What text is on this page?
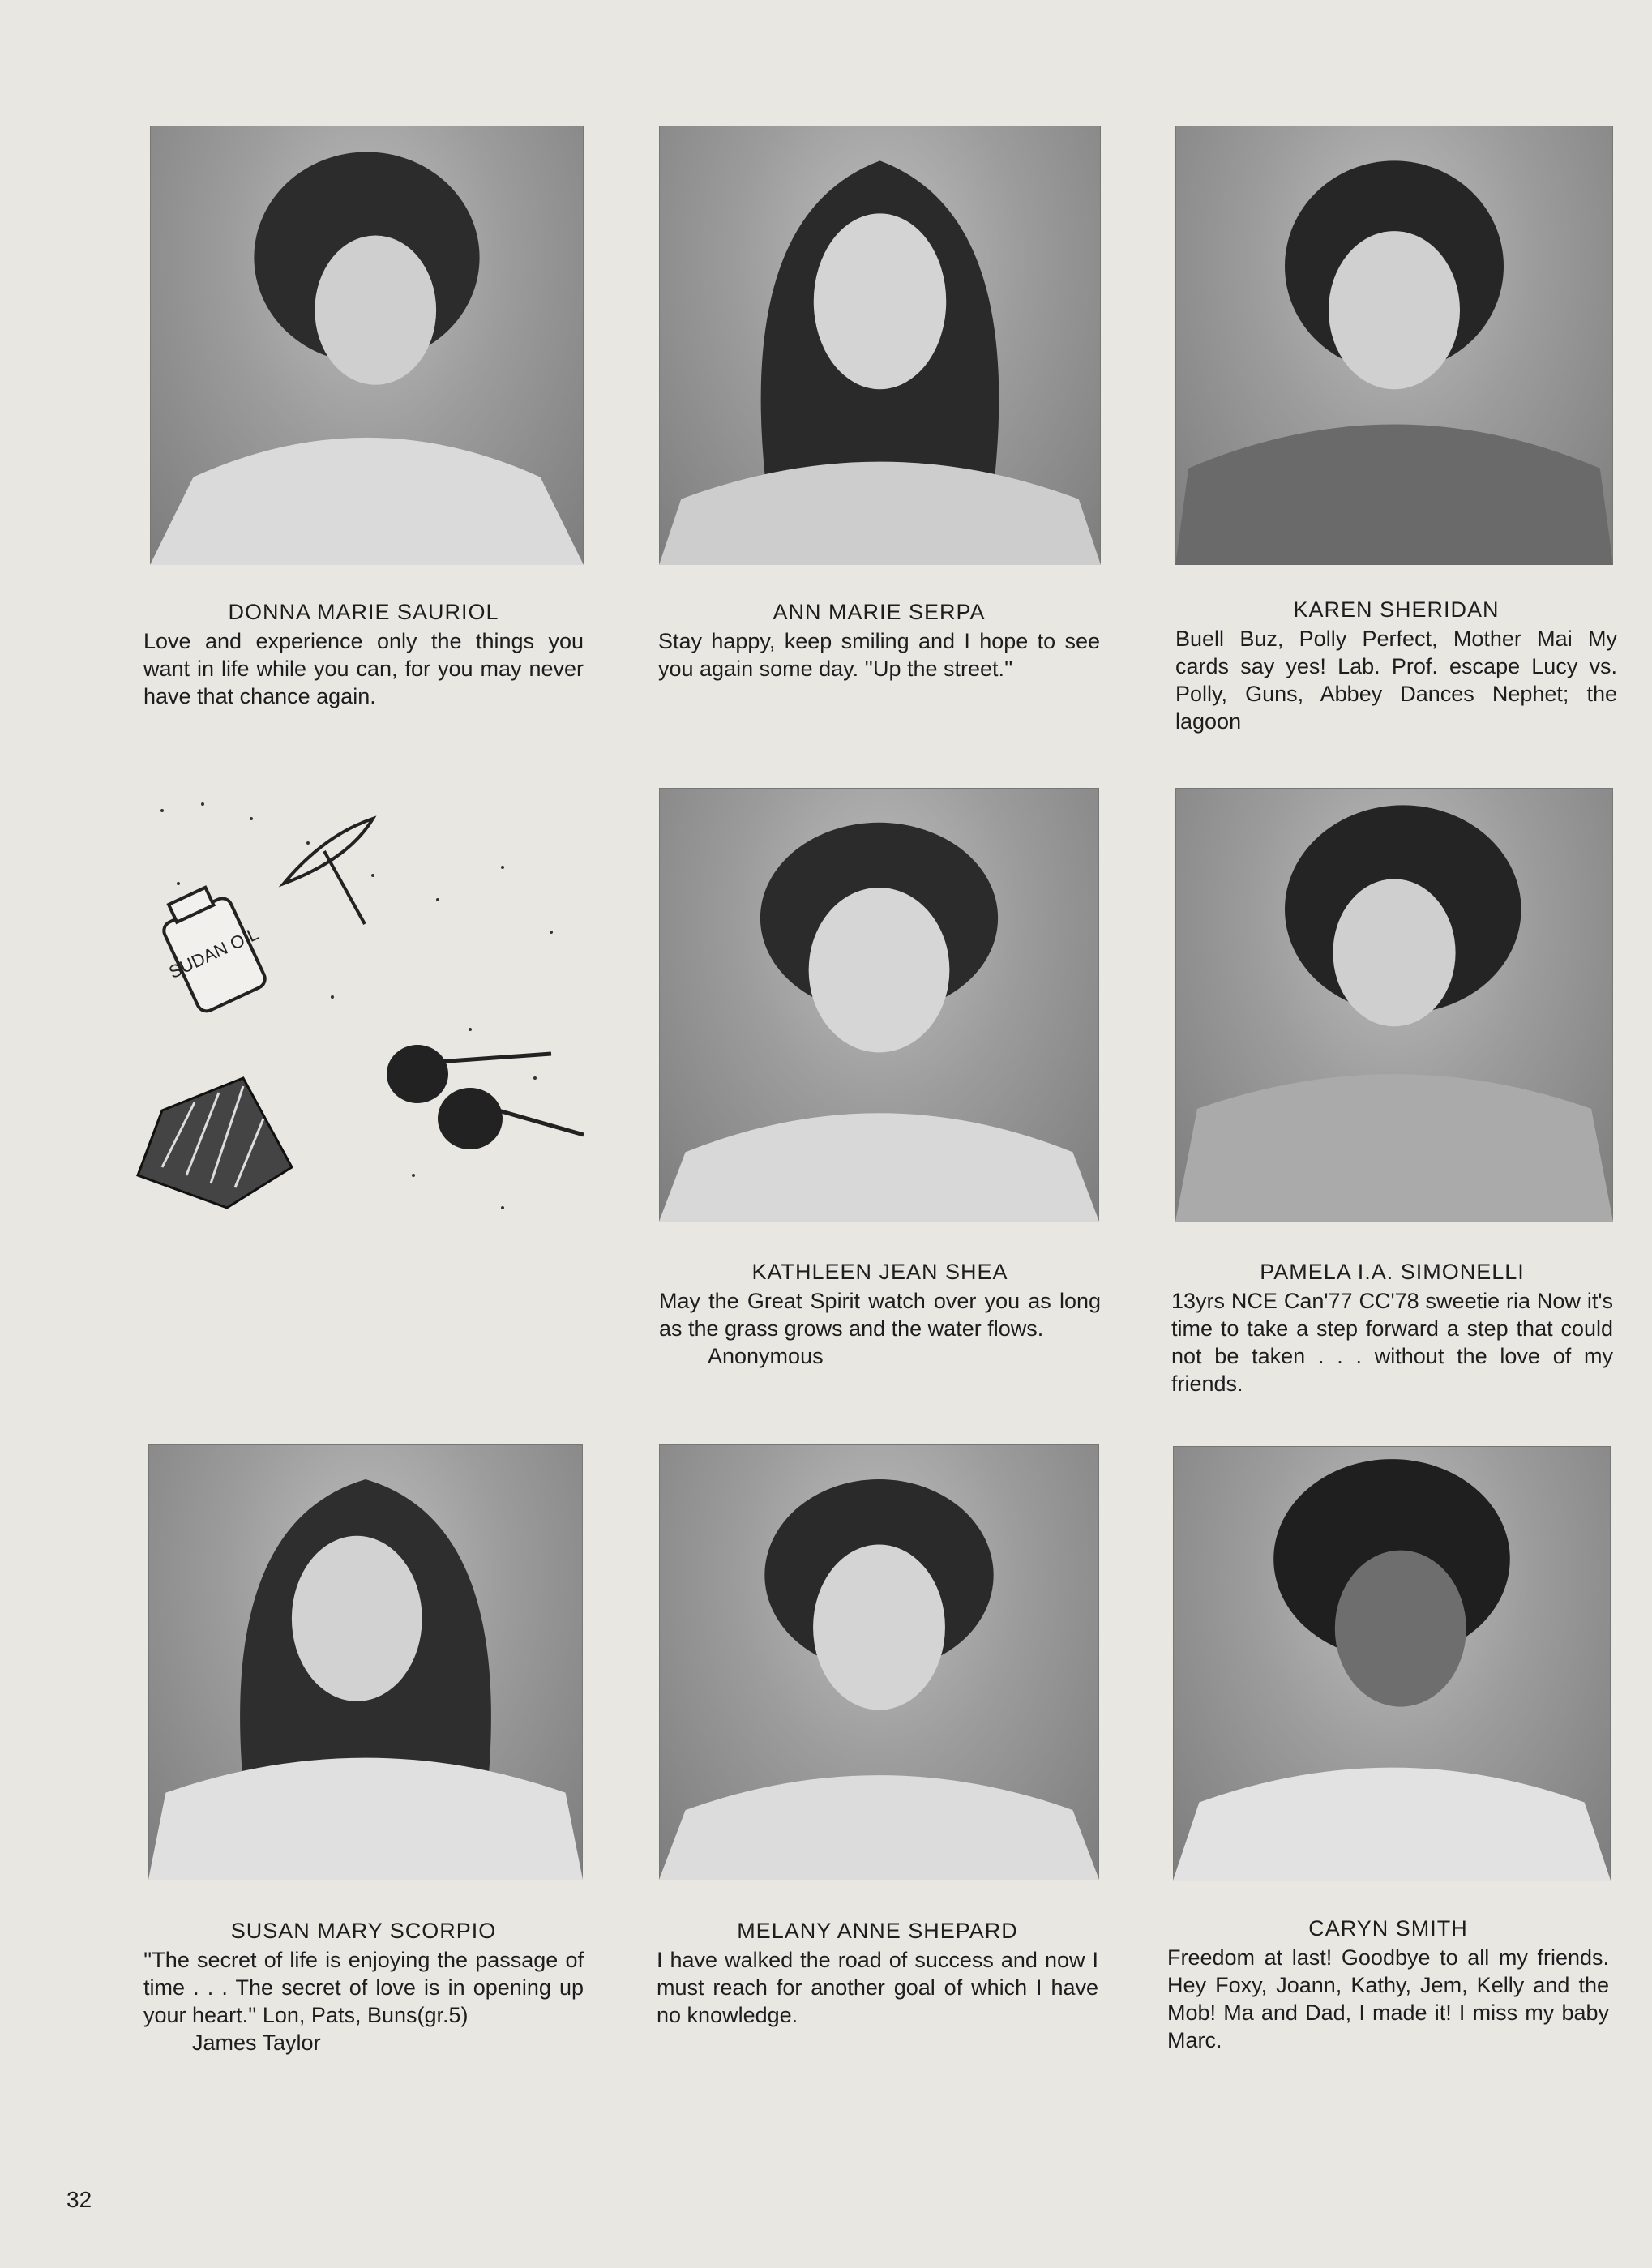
DONNA MARIE SAURIOL
Love and experience only the things you want in life while you can, for you may never have that chance again.
ANN MARIE SERPA
Stay happy, keep smiling and I hope to see you again some day. ''Up the street.''
KAREN SHERIDAN
Buell Buz, Polly Perfect, Mother Mai My cards say yes! Lab. Prof. escape Lucy vs. Polly, Guns, Abbey Dances Nephet; the lagoon
SUDAN OIL
KATHLEEN JEAN SHEA
May the Great Spirit watch over you as long as the grass grows and the water flows.
Anonymous
PAMELA I.A. SIMONELLI
13yrs NCE Can'77 CC'78 sweetie ria Now it's time to take a step forward a step that could not be taken . . . without the love of my friends.
SUSAN MARY SCORPIO
''The secret of life is enjoying the passage of time . . . The secret of love is in opening up your heart.'' Lon, Pats, Buns(gr.5)
James Taylor
MELANY ANNE SHEPARD
I have walked the road of success and now I must reach for another goal of which I have no knowledge.
CARYN SMITH
Freedom at last! Goodbye to all my friends. Hey Foxy, Joann, Kathy, Jem, Kelly and the Mob! Ma and Dad, I made it! I miss my baby Marc.
32
